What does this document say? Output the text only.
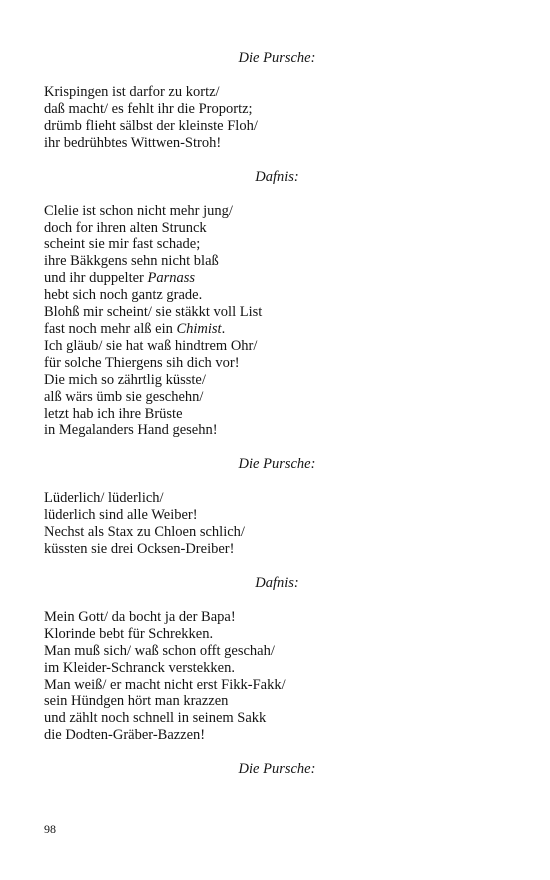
Die Pursche:
Krispingen ist darfor zu kortz/
daß macht/ es fehlt ihr die Proportz;
drümb flieht sälbst der kleinste Floh/
ihr bedrühbtes Wittwen-Stroh!
Dafnis:
Clelie ist schon nicht mehr jung/
doch for ihren alten Strunck
scheint sie mir fast schade;
ihre Bäkkgens sehn nicht blaß
und ihr duppelter Parnass
hebt sich noch gantz grade.
Blohß mir scheint/ sie stäkkt voll List
fast noch mehr alß ein Chimist.
Ich gläub/ sie hat waß hindtrem Ohr/
für solche Thiergens sih dich vor!
Die mich so zährtlig küsste/
alß wärs ümb sie geschehn/
letzt hab ich ihre Brüste
in Megalanders Hand gesehn!
Die Pursche:
Lüderlich/ lüderlich/
lüderlich sind alle Weiber!
Nechst als Stax zu Chloen schlich/
küssten sie drei Ocksen-Dreiber!
Dafnis:
Mein Gott/ da bocht ja der Bapa!
Klorinde bebt für Schrekken.
Man muß sich/ waß schon offt geschah/
im Kleider-Schranck verstekken.
Man weiß/ er macht nicht erst Fikk-Fakk/
sein Hündgen hört man krazzen
und zählt noch schnell in seinem Sakk
die Dodten-Gräber-Bazzen!
Die Pursche:
98
